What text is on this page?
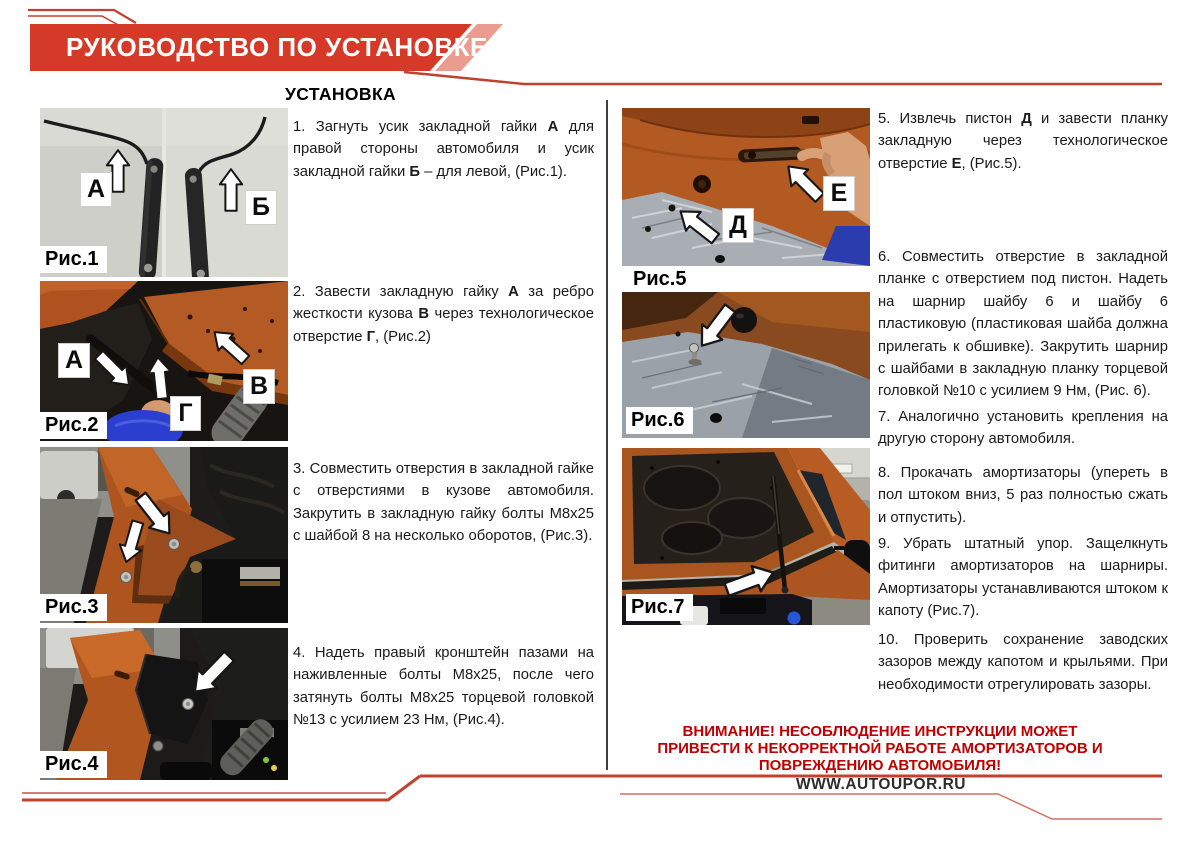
РУКОВОДСТВО ПО УСТАНОВКЕ
УСТАНОВКА
А
Б
Рис.1
А
Г
В
Рис.2
Рис.3
Рис.4
Д
Е
Рис.5
Рис.6
Рис.7
1. Загнуть усик закладной гайки А для правой стороны автомобиля и усик закладной гайки Б – для левой, (Рис.1).
2. Завести закладную гайку А за ребро жесткости кузова В через технологическое отверстие Г, (Рис.2)
3. Совместить отверстия в закладной гайке с отверстиями в кузове автомобиля. Закрутить в закладную гайку болты М8х25 с шайбой 8 на несколько оборотов, (Рис.3).
4. Надеть правый кронштейн пазами на наживленные болты М8х25, после чего затянуть болты М8х25 торцевой головкой №13 с усилием 23 Нм, (Рис.4).
5. Извлечь пистон Д и завести планку закладную через технологическое отверстие Е, (Рис.5).
6. Совместить отверстие в закладной планке с отверстием под пистон. Надеть на шарнир шайбу 6 и шайбу 6 пластиковую (пластиковая шайба должна прилегать к обшивке). Закрутить шарнир с шайбами в закладную планку торцевой головкой №10 с усилием 9 Нм, (Рис. 6).
7. Аналогично установить крепления на другую сторону автомобиля.
8. Прокачать амортизаторы (упереть в пол штоком вниз, 5 раз полностью сжать и отпустить).
9. Убрать штатный упор. Защелкнуть фитинги амортизаторов на шарниры. Амортизаторы устанавливаются штоком к капоту (Рис.7).
10. Проверить сохранение заводских зазоров между капотом и крыльями. При необходимости отрегулировать зазоры.
ВНИМАНИЕ! НЕСОБЛЮДЕНИЕ ИНСТРУКЦИИ МОЖЕТ ПРИВЕСТИ К НЕКОРРЕКТНОЙ РАБОТЕ АМОРТИЗАТОРОВ И ПОВРЕЖДЕНИЮ АВТОМОБИЛЯ!
WWW.AUTOUPOR.RU
